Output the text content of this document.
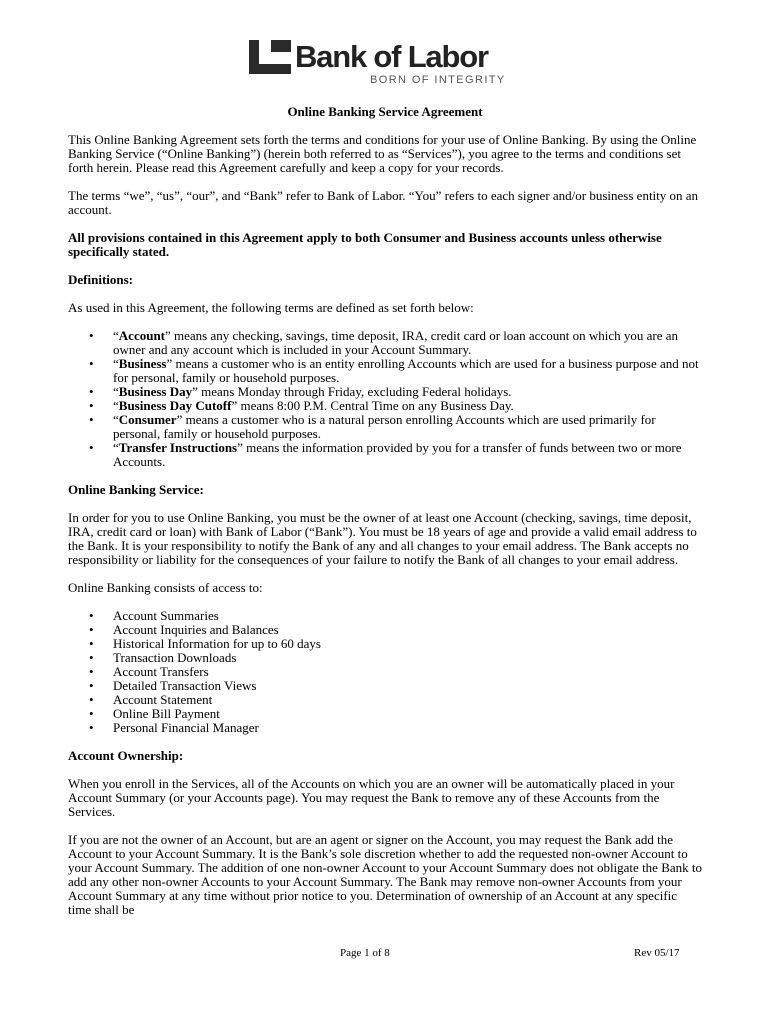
Bank of Labor
BORN OF INTEGRITY
Online Banking Service Agreement

This Online Banking Agreement sets forth the terms and conditions for your use of Online Banking. By using the Online Banking Service (“Online Banking”) (herein both referred to as “Services”), you agree to the terms and conditions set forth herein. Please read this Agreement carefully and keep a copy for your records.

The terms “we”, “us”, “our”, and “Bank” refer to Bank of Labor. “You” refers to each signer and/or business entity on an account.

All provisions contained in this Agreement apply to both Consumer and Business accounts unless otherwise specifically stated.

Definitions:

As used in this Agreement, the following terms are defined as set forth below:

• “Account” means any checking, savings, time deposit, IRA, credit card or loan account on which you are an owner and any account which is included in your Account Summary.
• “Business” means a customer who is an entity enrolling Accounts which are used for a business purpose and not for personal, family or household purposes.
• “Business Day” means Monday through Friday, excluding Federal holidays.
• “Business Day Cutoff” means 8:00 P.M. Central Time on any Business Day.
• “Consumer” means a customer who is a natural person enrolling Accounts which are used primarily for personal, family or household purposes.
• “Transfer Instructions” means the information provided by you for a transfer of funds between two or more Accounts.
Online Banking Service:

In order for you to use Online Banking, you must be the owner of at least one Account (checking, savings, time deposit, IRA, credit card or loan) with Bank of Labor (“Bank”). You must be 18 years of age and provide a valid email address to the Bank. It is your responsibility to notify the Bank of any and all changes to your email address. The Bank accepts no responsibility or liability for the consequences of your failure to notify the Bank of all changes to your email address.

Online Banking consists of access to:

• Account Summaries
• Account Inquiries and Balances
• Historical Information for up to 60 days
• Transaction Downloads
• Account Transfers
• Detailed Transaction Views
• Account Statement
• Online Bill Payment
• Personal Financial Manager
Account Ownership:

When you enroll in the Services, all of the Accounts on which you are an owner will be automatically placed in your Account Summary (or your Accounts page). You may request the Bank to remove any of these Accounts from the Services.

If you are not the owner of an Account, but are an agent or signer on the Account, you may request the Bank add the Account to your Account Summary. It is the Bank’s sole discretion whether to add the requested non-owner Account to your Account Summary. The addition of one non-owner Account to your Account Summary does not obligate the Bank to add any other non-owner Accounts to your Account Summary. The Bank may remove non-owner Accounts from your Account Summary at any time without prior notice to you. Determination of ownership of an Account at any specific time shall be

Page 1 of 8	Rev 05/17
